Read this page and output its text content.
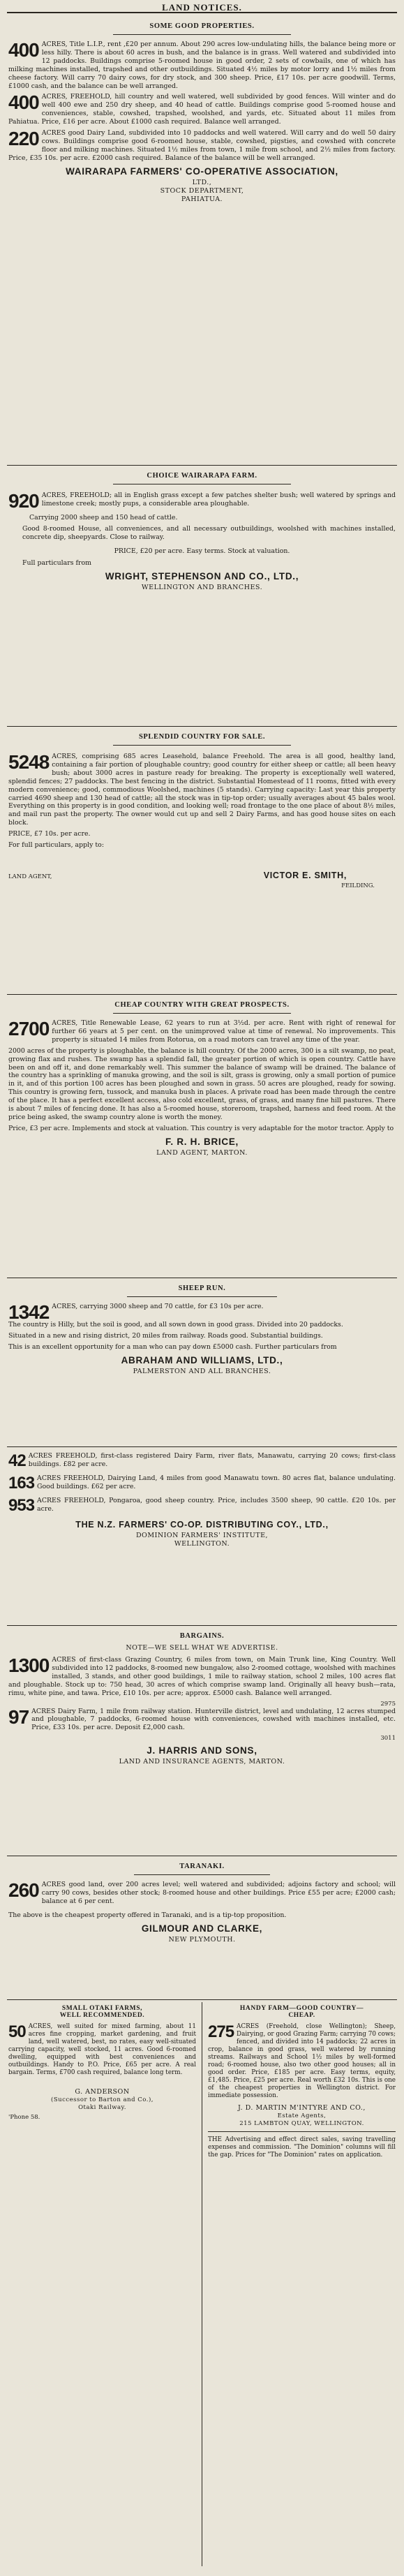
LAND NOTICES.
SOME GOOD PROPERTIES.
400 ACRES, Title L.I.P., rent ,£20 per annum. About 290 acres low-undulating hills, the balance being more or less hilly. There is about 60 acres in bush, and the balance is in grass. Well watered and subdivided into 12 paddocks. Buildings comprise 5-roomed house in good order, 2 sets of cowbails, one of which has milking machines installed, trapshed and other outbuildings. Situated 4½ miles by motor lorry and 1½ miles from cheese factory. Will carry 70 dairy cows, for dry stock, and 300 sheep. Price, £17 10s. per acre goodwill. Terms, £1000 cash, and the balance can be well arranged.
400 ACRES, FREEHOLD, hill country and well watered, well subdivided by good fences. Will winter and do well 400 ewe and 250 dry sheep, and 40 head of cattle. Buildings comprise good 5-roomed house and conveniences, stable, cowshed, trapshed, woolshed, and yards, etc. Situated about 11 miles from Pahiatua. Price, £16 per acre. About £1000 cash required. Balance well arranged.
220 ACRES good Dairy Land, subdivided into 10 paddocks and well watered. Will carry and do well 50 dairy cows. Buildings comprise good 6-roomed house, stable, cowshed, pigsties, and cowshed with concrete floor and milking machines. Situated 1½ miles from town, 1 mile from school, and 2½ miles from factory. Price, £35 10s. per acre. £2000 cash required. Balance of the balance will be well arranged.
WAIRARAPA FARMERS' CO-OPERATIVE ASSOCIATION,
LTD.,
STOCK DEPARTMENT,
PAHIATUA.
CHOICE WAIRARAPA FARM.
920 ACRES, FREEHOLD; all in English grass except a few patches shelter bush; well watered by springs and limestone creek; mostly pups, a considerable area ploughable.
Carrying 2000 sheep and 150 head of cattle.
Good 8-roomed House, all conveniences, and all necessary outbuildings, woolshed with machines installed, concrete dip, sheepyards. Close to railway.
PRICE, £20 per acre. Easy terms. Stock at valuation.
Full particulars from
WRIGHT, STEPHENSON AND CO., LTD.,
WELLINGTON AND BRANCHES.
SPLENDID COUNTRY FOR SALE.
5248 ACRES, comprising 685 acres Leasehold, balance Freehold. The area is all good, healthy land, containing a fair portion of ploughable country; good country for either sheep or cattle; all been heavy bush; about 3000 acres in pasture ready for breaking. The property is exceptionally well watered, splendid fences; 27 paddocks. The best fencing in the district. Substantial Homestead of 11 rooms, fitted with every modern convenience; good, commodious Woolshed, machines (5 stands). Carrying capacity: Last year this property carried 4690 sheep and 130 head of cattle; all the stock was in tip-top order; usually averages about 45 bales wool. Everything on this property is in good condition, and looking well; road frontage to the one place of about 8½ miles, and mail run past the property. The owner would cut up and sell 2 Dairy Farms, and has good house sites on each block.
PRICE, £7 10s. per acre.
For full particulars, apply to:
LAND AGENT,	VICTOR E. SMITH,
FEILDING.
CHEAP COUNTRY WITH GREAT PROSPECTS.
2700 ACRES, Title Renewable Lease, 62 years to run at 3½d. per acre. Rent with right of renewal for further 66 years at 5 per cent. on the unimproved value at time of renewal. No improvements. This property is situated 14 miles from Rotorua, on a road motors can travel any time of the year.
2000 acres of the property is ploughable, the balance is hill country. Of the 2000 acres, 300 is a silt swamp, no peat, growing flax and rushes. The swamp has a splendid fall, the greater portion of which is open country. Cattle have been on and off it, and done remarkably well. This summer the balance of swamp will be drained. The balance of the country has a sprinkling of manuka growing, and the soil is silt, grass is growing, only a small portion of pumice in it, and of this portion 100 acres has been ploughed and sown in grass. 50 acres are ploughed, ready for sowing. This country is growing fern, tussock, and manuka bush in places. A private road has been made through the centre of the place. It has a perfect excellent access, also cold excellent, grass, of grass, and many fine hill pastures. There is about 7 miles of fencing done. It has also a 5-roomed house, storeroom, trapshed, harness and feed room. At the price being asked, the swamp country alone is worth the money.
Price, £3 per acre. Implements and stock at valuation. This country is very adaptable for the motor tractor. Apply to
F. R. H. BRICE,
LAND AGENT, MARTON.
SHEEP RUN.
1342 ACRES, carrying 3000 sheep and 70 cattle, for £3 10s per acre.
The country is Hilly, but the soil is good, and all sown down in good grass. Divided into 20 paddocks.
Situated in a new and rising district, 20 miles from railway. Roads good. Substantial buildings.
This is an excellent opportunity for a man who can pay down £5000 cash. Further particulars from
ABRAHAM AND WILLIAMS, LTD.,
PALMERSTON AND ALL BRANCHES.
42 ACRES FREEHOLD, first-class registered Dairy Farm, river flats, Manawatu, carrying 20 cows; first-class buildings. £82 per acre.
163 ACRES FREEHOLD, Dairying Land, 4 miles from good Manawatu town. 80 acres flat, balance undulating. Good buildings. £62 per acre.
953 ACRES FREEHOLD, Pongaroa, good sheep country. Price, includes 3500 sheep, 90 cattle. £20 10s. per acre.
THE N.Z. FARMERS' CO-OP. DISTRIBUTING COY., LTD.,
DOMINION FARMERS' INSTITUTE,
WELLINGTON.
BARGAINS.
NOTE—WE SELL WHAT WE ADVERTISE.
1300 ACRES of first-class Grazing Country, 6 miles from town, on Main Trunk line, King Country. Well subdivided into 12 paddocks, 8-roomed new bungalow, also 2-roomed cottage, woolshed with machines installed, 3 stands, and other good buildings, 1 mile to railway station, school 2 miles, 100 acres flat and ploughable. Stock up to: 750 head, 30 acres of which comprise swamp land. Originally all heavy bush—rata, rimu, white pine, and tawa. Price, £10 10s. per acre; approx. £5000 cash. Balance well arranged.
2975
97 ACRES Dairy Farm, 1 mile from railway station. Hunterville district, level and undulating, 12 acres stumped and ploughable, 7 paddocks, 6-roomed house with conveniences, cowshed with machines installed, etc. Price, £33 10s. per acre. Deposit £2,000 cash.
3011
J. HARRIS AND SONS,
LAND AND INSURANCE AGENTS, MARTON.
TARANAKI.
260 ACRES good land, over 200 acres level; well watered and subdivided; adjoins factory and school; will carry 90 cows, besides other stock; 8-roomed house and other buildings. Price £55 per acre; £2000 cash; balance at 6 per cent.
The above is the cheapest property offered in Taranaki, and is a tip-top proposition.
GILMOUR AND CLARKE,
NEW PLYMOUTH.
SMALL OTAKI FARMS,
WELL RECOMMENDED.
50 ACRES, well suited for mixed farming, about 11 acres fine cropping, market gardening, and fruit land, well watered, best, no rates, easy well-situated carrying capacity, well stocked, 11 acres. Good 6-roomed dwelling, equipped with best conveniences and outbuildings. Handy to P.O. Price, £65 per acre. A real bargain. Terms, £700 cash required, balance long term.
G. ANDERSON
(Successor to Barton and Co.),
Otaki Railway.
'Phone 58.
HANDY FARM—GOOD COUNTRY—
CHEAP.
275 ACRES (Freehold, close Wellington); Sheep, Dairying, or good Grazing Farm; carrying 70 cows; fenced, and divided into 14 paddocks; 22 acres in crop, balance in good grass, well watered by running streams. Railways and School 1½ miles by well-formed road; 6-roomed house, also two other good houses; all in good order. Price, £185 per acre. Easy terms, equity, £1,485. Price, £25 per acre. Real worth £32 10s. This is one of the cheapest properties in Wellington district. For immediate possession.
J. D. MARTIN M'INTYRE AND CO.,
Estate Agents,
215 LAMBTON QUAY, WELLINGTON.
THE Advertising and effect direct sales, saving travelling expenses and commission. "The Dominion" columns will fill the gap. Prices for "The Dominion" rates on application.
